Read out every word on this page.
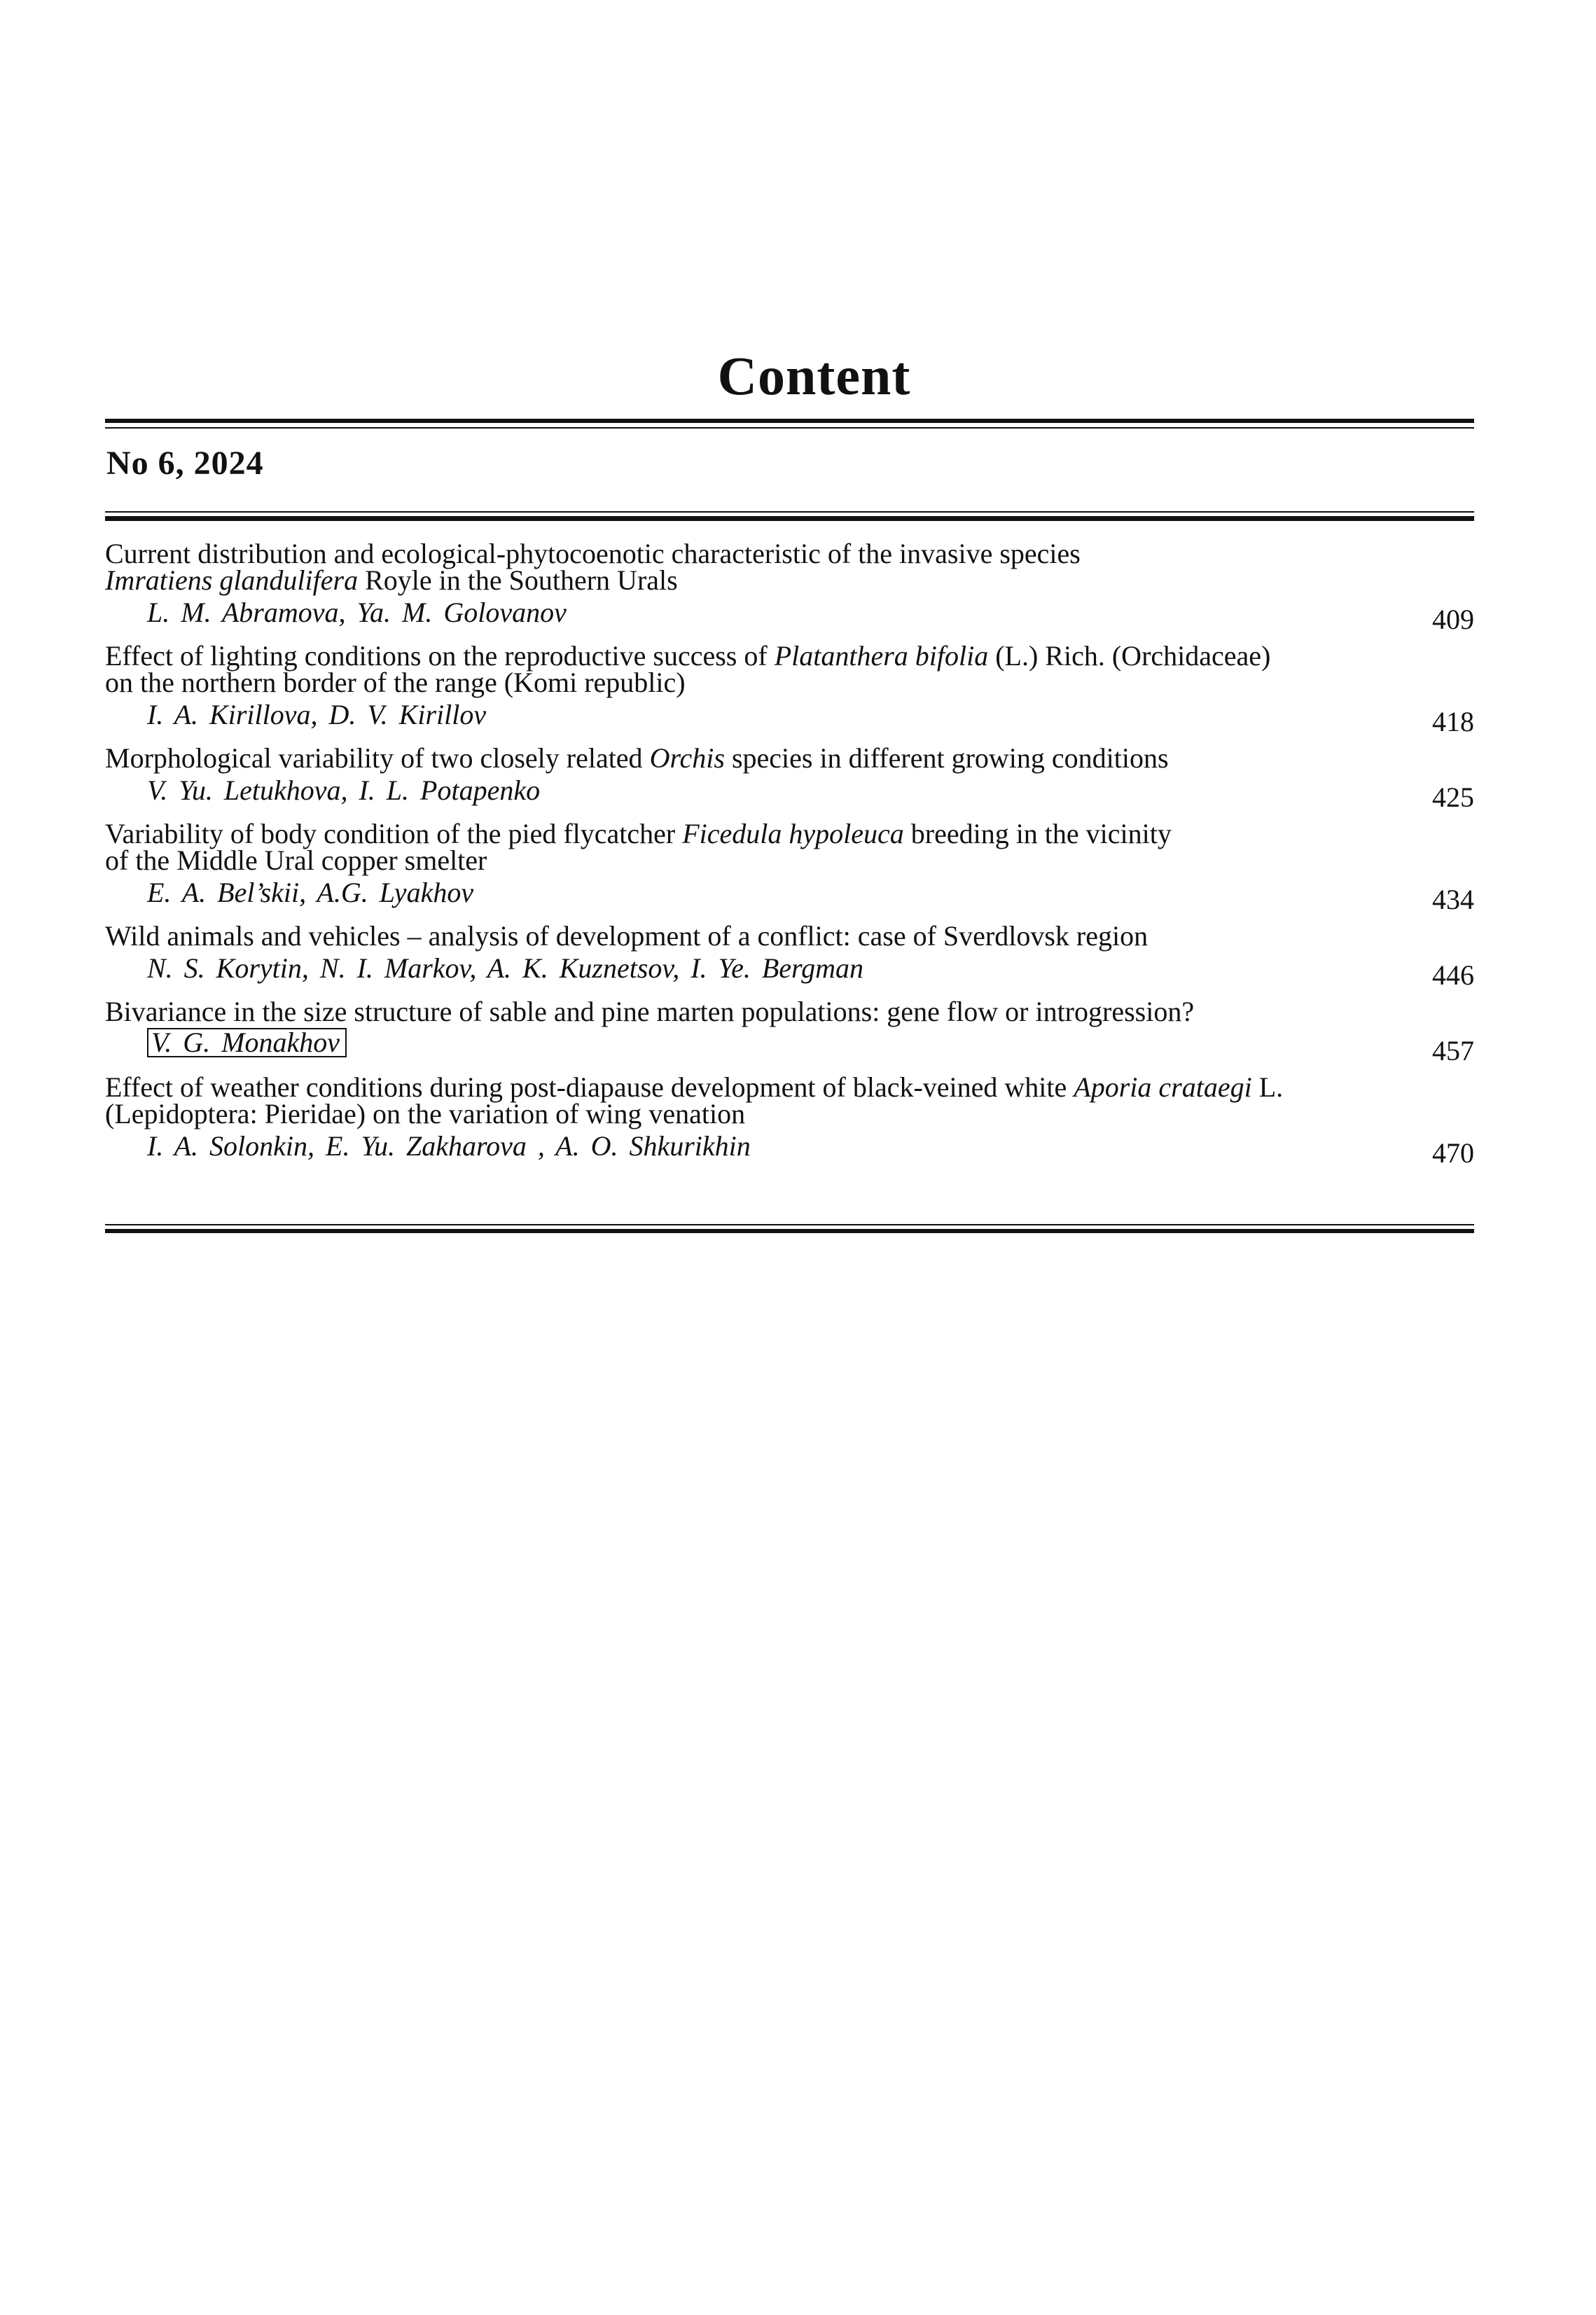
Content
No 6, 2024
Current distribution and ecological-phytocoenotic characteristic of the invasive species
Imratiens glandulifera Royle in the Southern Urals
L. M. Abramova, Ya. M. Golovanov	409
Effect of lighting conditions on the reproductive success of Platanthera bifolia (L.) Rich. (Orchidaceae)
on the northern border of the range (Komi republic)
I. A. Kirillova, D. V. Kirillov	418
Morphological variability of two closely related Orchis species in different growing conditions
V. Yu. Letukhova, I. L. Potapenko	425
Variability of body condition of the pied flycatcher Ficedula hypoleuca breeding in the vicinity
of the Middle Ural copper smelter
E. A. Bel’skii, A.G. Lyakhov	434
Wild animals and vehicles – analysis of development of a conflict: case of Sverdlovsk region
N. S. Korytin, N. I. Markov, A. K. Kuznetsov, I. Ye. Bergman	446
Bivariance in the size structure of sable and pine marten populations: gene flow or introgression?
V. G. Monakhov	457
Effect of weather conditions during post-diapause development of black-veined white Aporia crataegi L.
(Lepidoptera: Pieridae) on the variation of wing venation
I. A. Solonkin, E. Yu. Zakharova , A. O. Shkurikhin	470
